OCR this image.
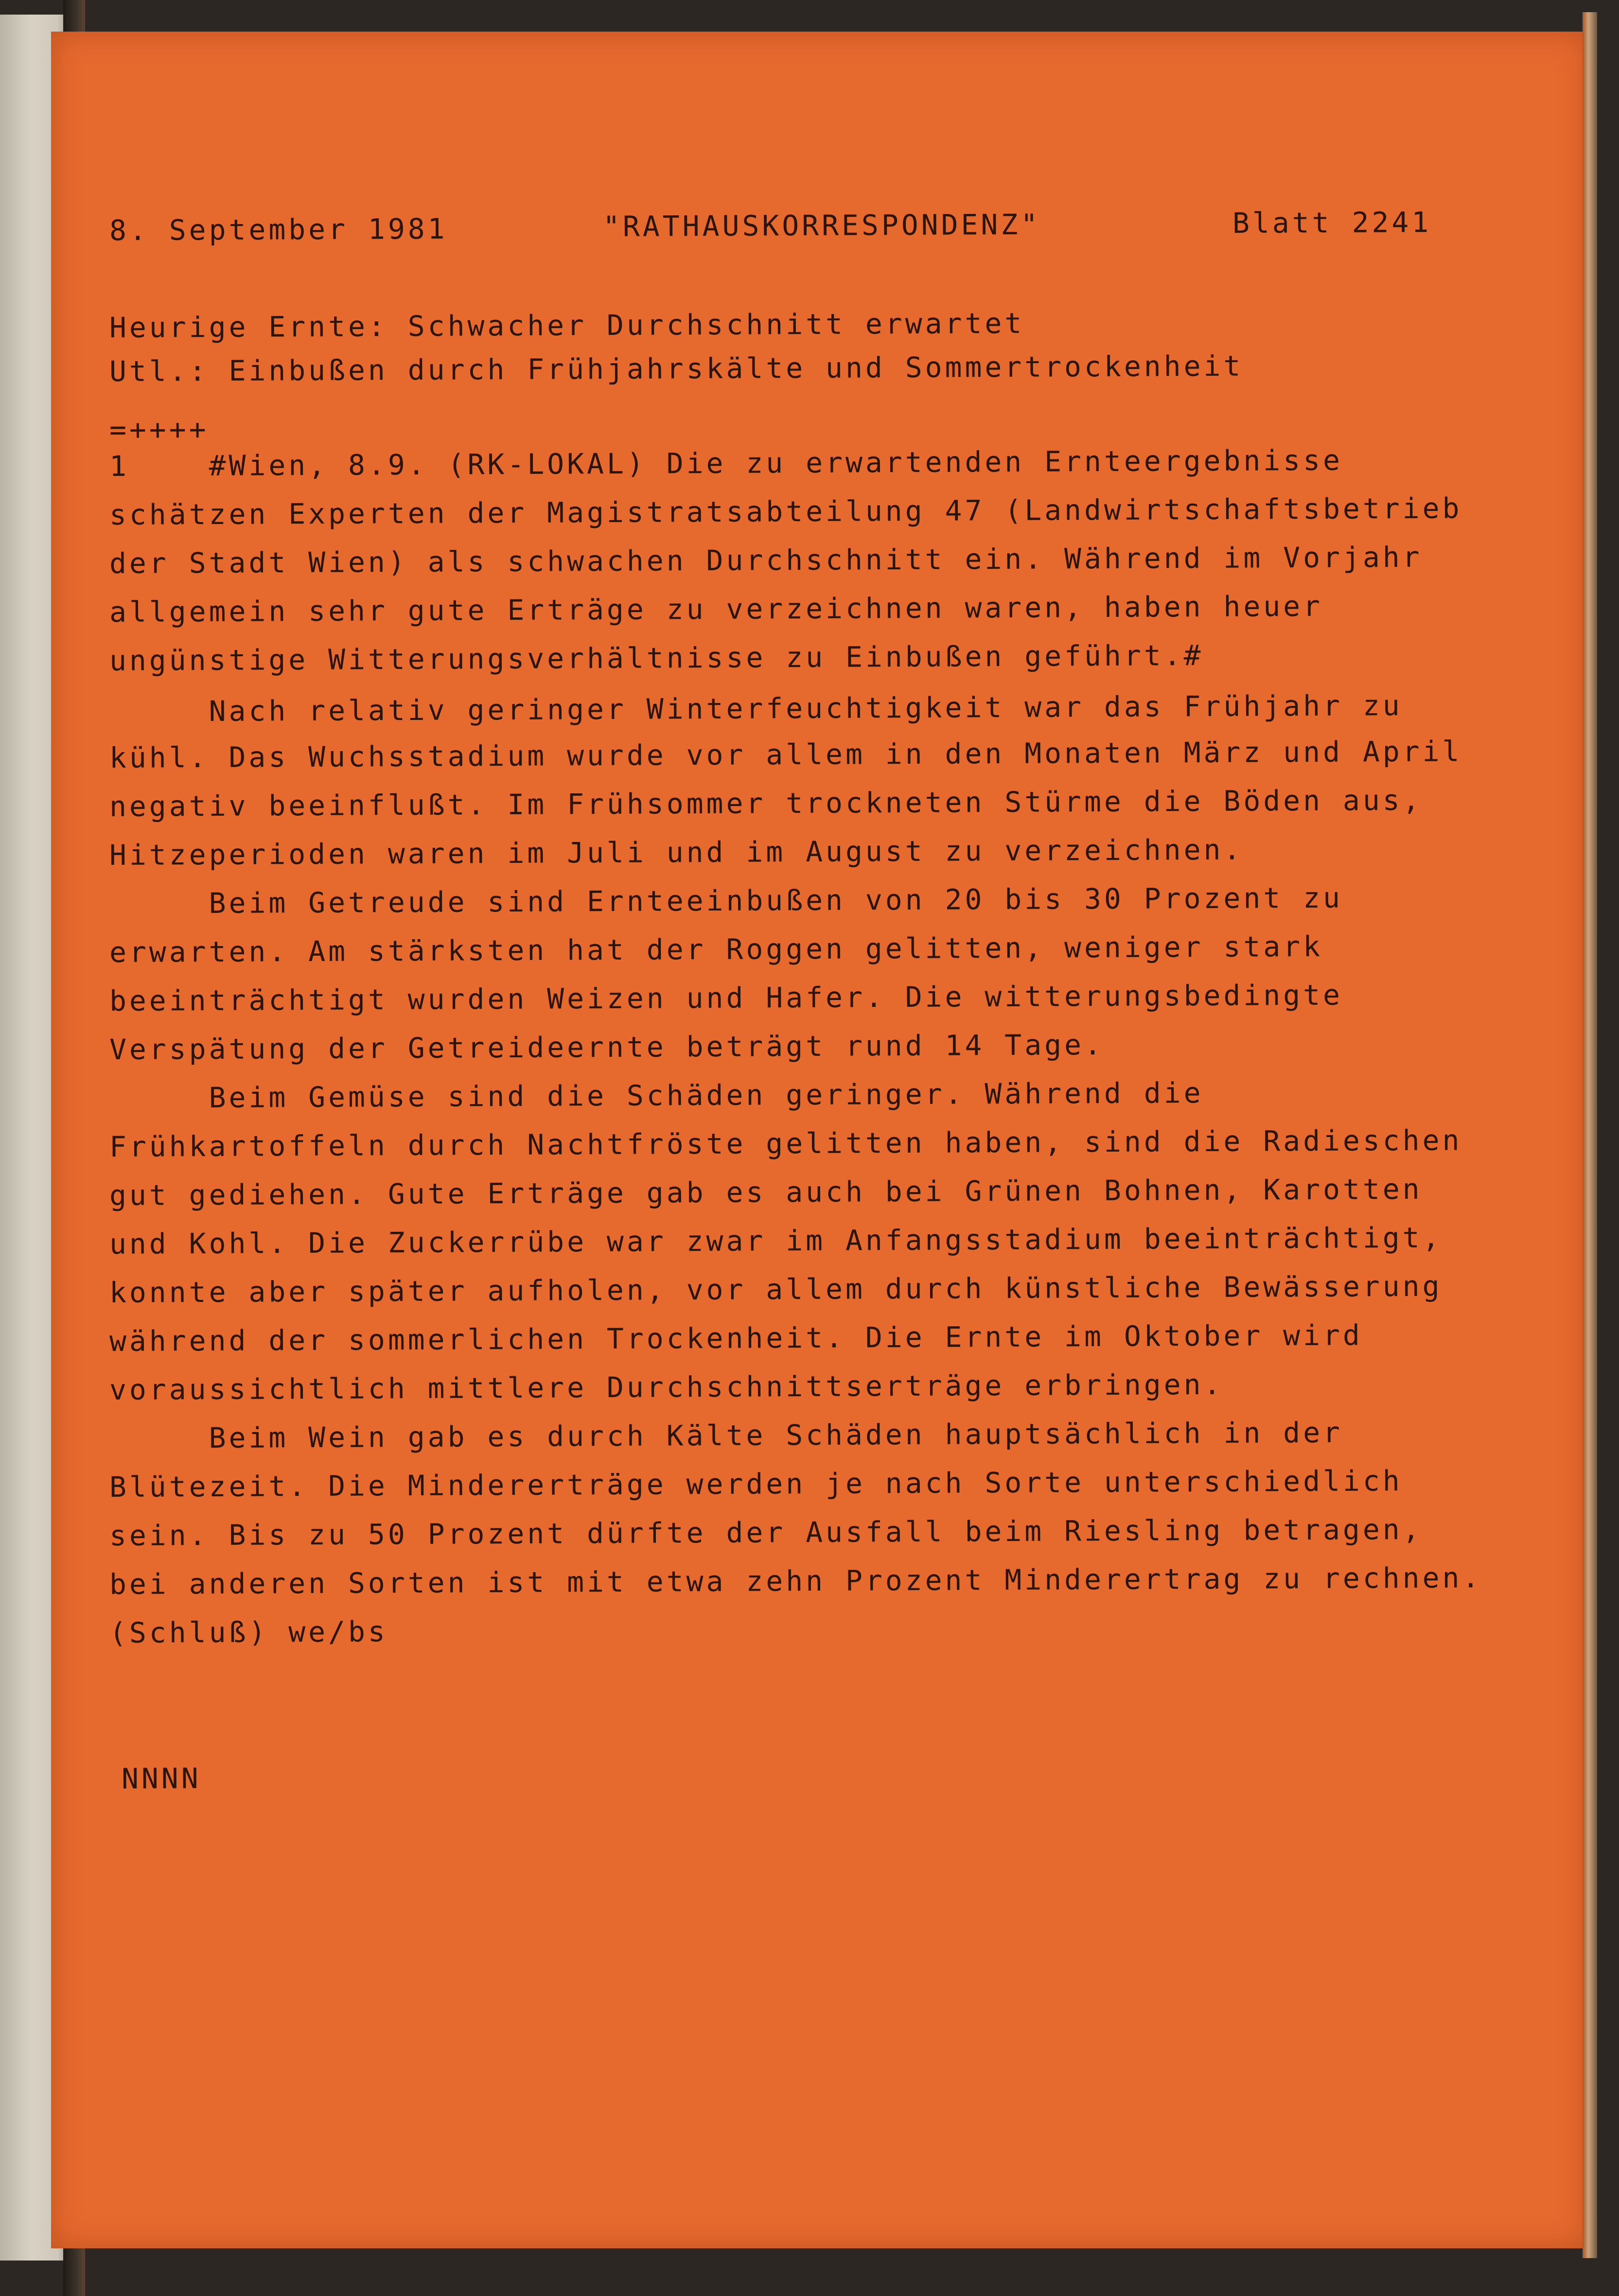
8. September 1981	"RATHAUSKORRESPONDENZ"	Blatt 2241
Heurige Ernte: Schwacher Durchschnitt erwartet
Utl.: Einbußen durch Frühjahrskälte und Sommertrockenheit
=++++
1    #Wien, 8.9. (RK-LOKAL) Die zu erwartenden Ernteergebnisse
schätzen Experten der Magistratsabteilung 47 (Landwirtschaftsbetrieb
der Stadt Wien) als schwachen Durchschnitt ein. Während im Vorjahr
allgemein sehr gute Erträge zu verzeichnen waren, haben heuer
ungünstige Witterungsverhältnisse zu Einbußen geführt.#
Nach relativ geringer Winterfeuchtigkeit war das Frühjahr zu
kühl. Das Wuchsstadium wurde vor allem in den Monaten März und April
negativ beeinflußt. Im Frühsommer trockneten Stürme die Böden aus,
Hitzeperioden waren im Juli und im August zu verzeichnen.
Beim Getreude sind Ernteeinbußen von 20 bis 30 Prozent zu
erwarten. Am stärksten hat der Roggen gelitten, weniger stark
beeinträchtigt wurden Weizen und Hafer. Die witterungsbedingte
Verspätung der Getreideernte beträgt rund 14 Tage.
Beim Gemüse sind die Schäden geringer. Während die
Frühkartoffeln durch Nachtfröste gelitten haben, sind die Radieschen
gut gediehen. Gute Erträge gab es auch bei Grünen Bohnen, Karotten
und Kohl. Die Zuckerrübe war zwar im Anfangsstadium beeinträchtigt,
konnte aber später aufholen, vor allem durch künstliche Bewässerung
während der sommerlichen Trockenheit. Die Ernte im Oktober wird
voraussichtlich mittlere Durchschnittserträge erbringen.
Beim Wein gab es durch Kälte Schäden hauptsächlich in der
Blütezeit. Die Mindererträge werden je nach Sorte unterschiedlich
sein. Bis zu 50 Prozent dürfte der Ausfall beim Riesling betragen,
bei anderen Sorten ist mit etwa zehn Prozent Minderertrag zu rechnen.
(Schluß) we/bs
NNNN
